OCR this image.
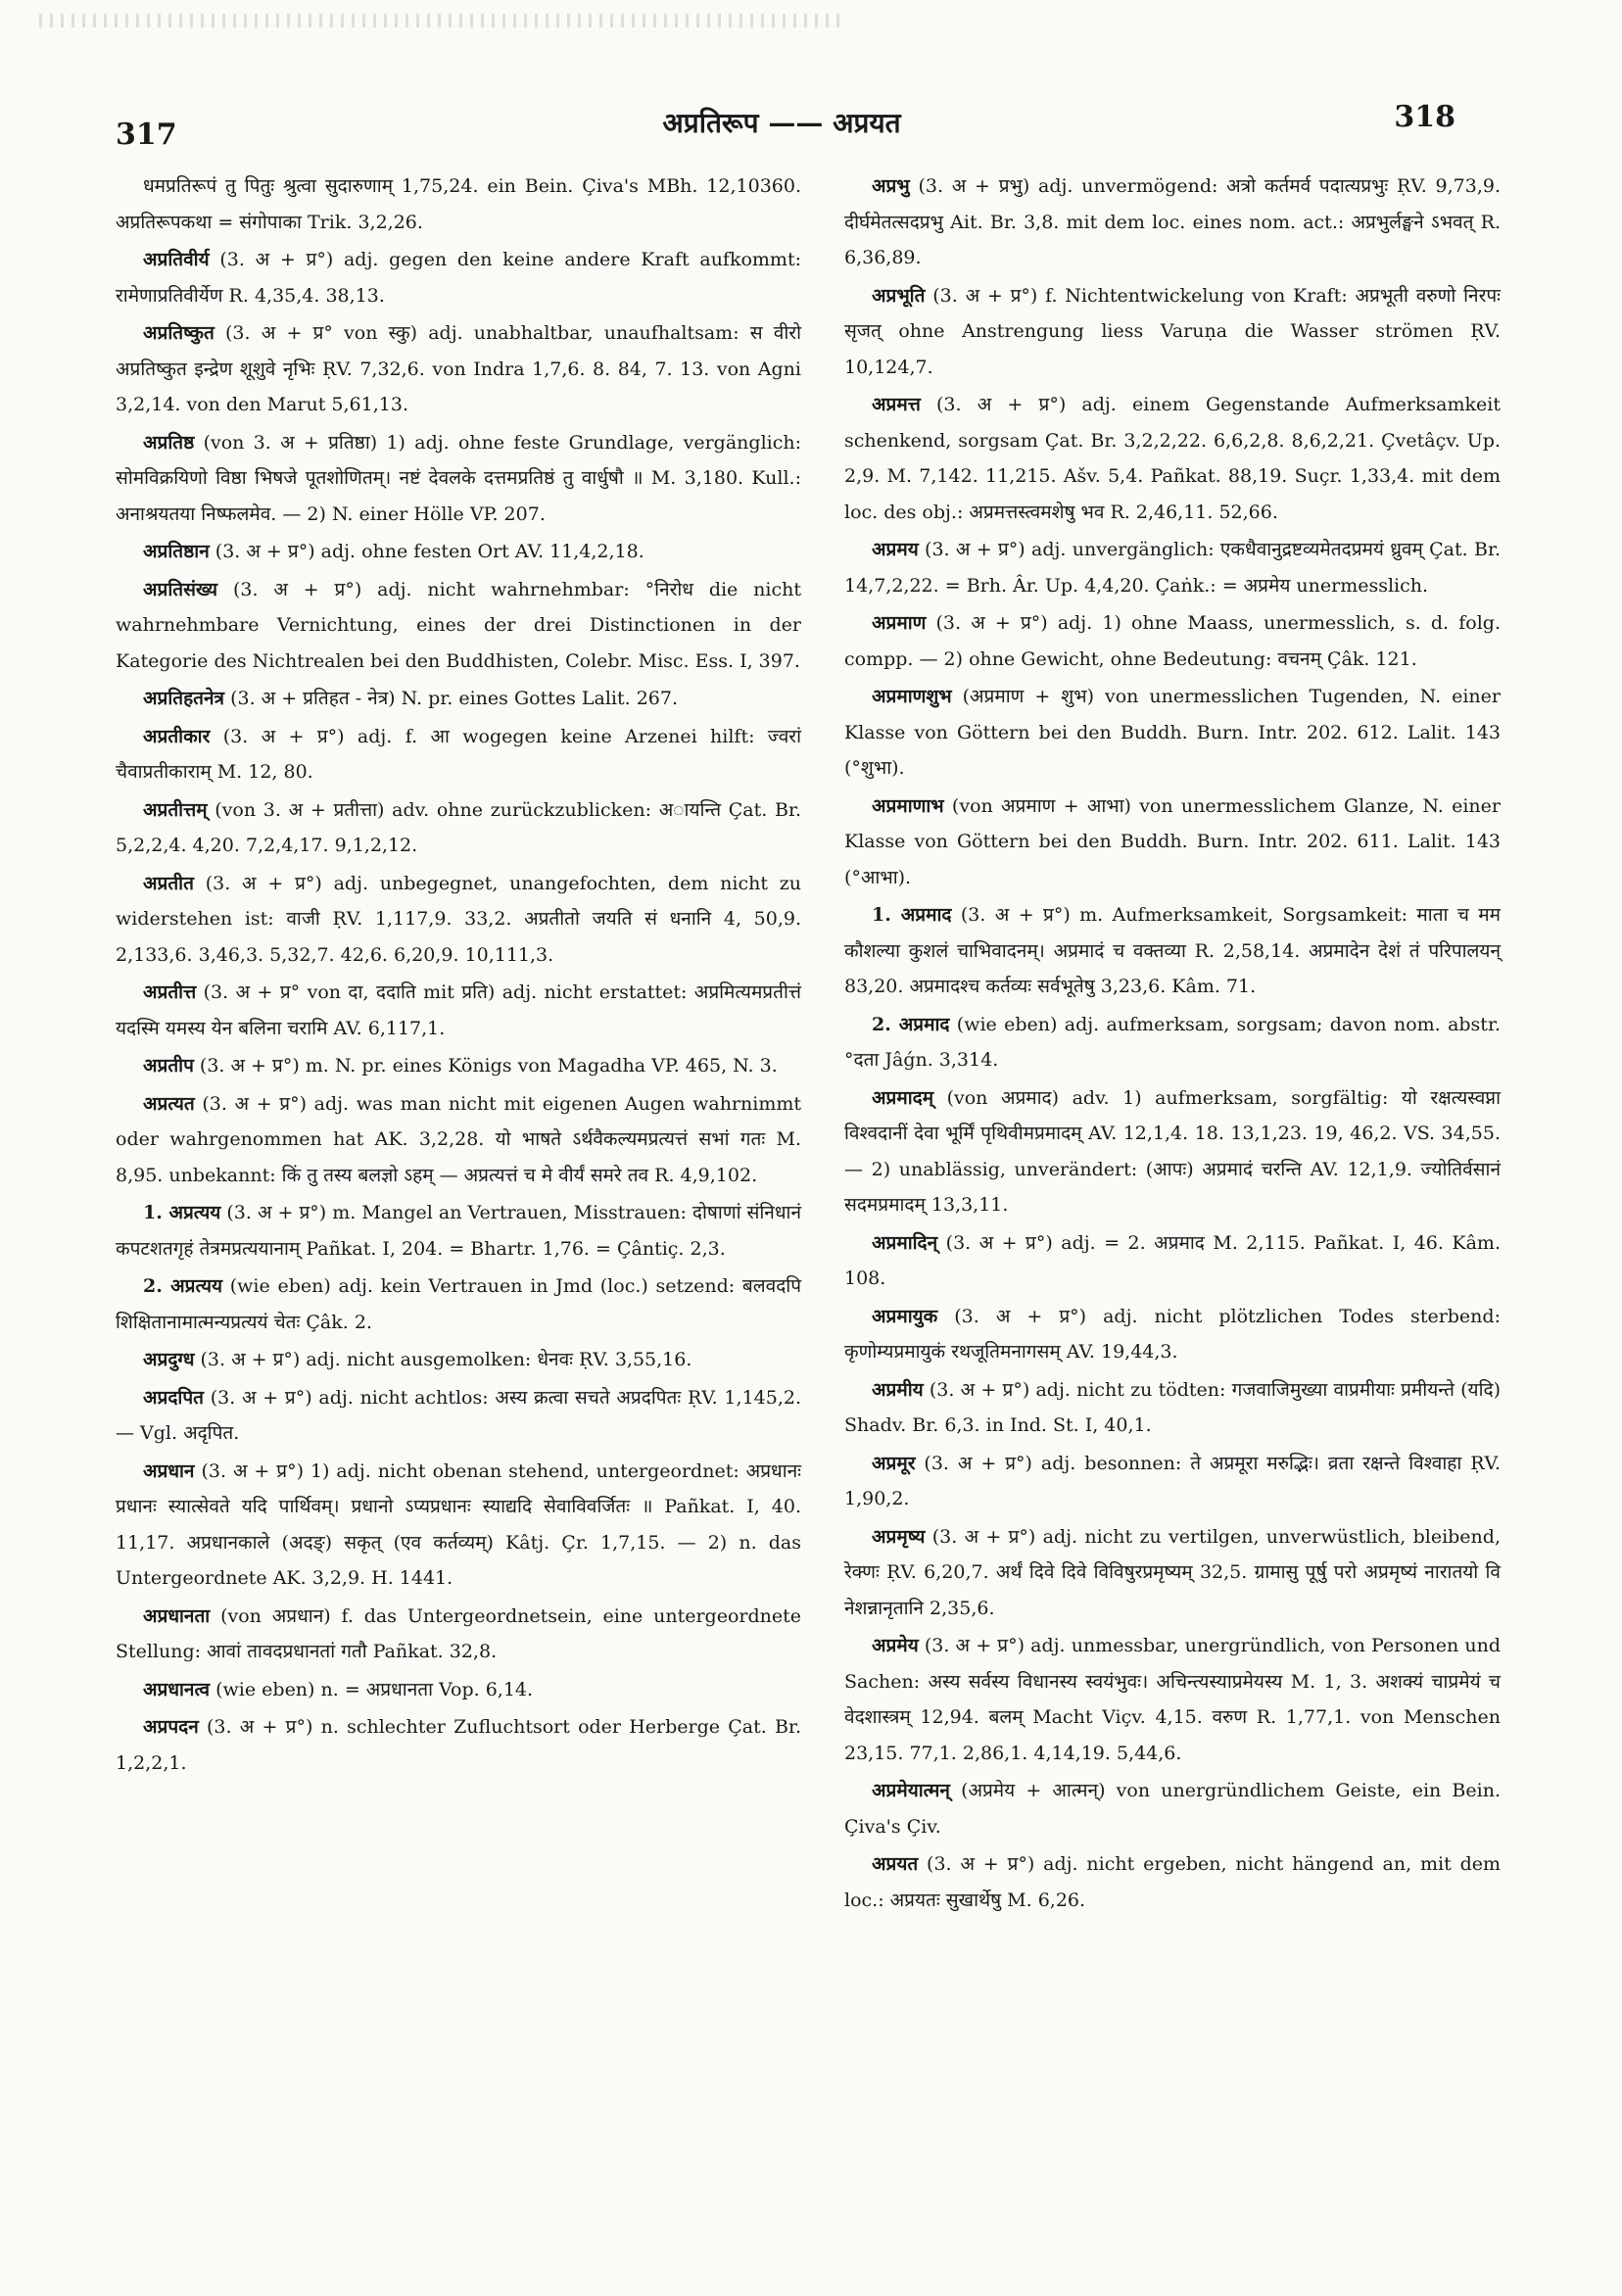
317	अप्रतिरूप —— अप्रयत	318

धमप्रतिरूपं तु पितुः श्रुत्वा सुदारुणाम् 1,75,24. ein Bein. Çiva's MBh. 12,10360. अप्रतिरूपकथा = संगोपाका Trik. 3,2,26.

अप्रतिवीर्य (3. अ + प्र°) adj. gegen den keine andere Kraft aufkommt: रामेणाप्रतिवीर्येण R. 4,35,4. 38,13.

अप्रतिष्कुत (3. अ + प्र° von स्कु) adj. unabhaltbar, unaufhaltsam: स वीरो अप्रतिष्कुत इन्द्रेण शूशुवे नृभिः ṚV. 7,32,6. von Indra 1,7,6. 8. 84, 7. 13. von Agni 3,2,14. von den Marut 5,61,13.

अप्रतिष्ठ (von 3. अ + प्रतिष्ठा) 1) adj. ohne feste Grundlage, vergänglich: सोमविक्रयिणो विष्ठा भिषजे पूतशोणितम्। नष्टं देवलके दत्तमप्रतिष्ठं तु वार्धुषौ ॥ M. 3,180. Kull.: अनाश्रयतया निष्फलमेव. — 2) N. einer Hölle VP. 207.

अप्रतिष्ठान (3. अ + प्र°) adj. ohne festen Ort AV. 11,4,2,18.

अप्रतिसंख्य (3. अ + प्र°) adj. nicht wahrnehmbar: °निरोध die nicht wahrnehmbare Vernichtung, eines der drei Distinctionen in der Kategorie des Nichtrealen bei den Buddhisten, Colebr. Misc. Ess. I, 397.

अप्रतिहतनेत्र (3. अ + प्रतिहत - नेत्र) N. pr. eines Gottes Lalit. 267.

अप्रतीकार (3. अ + प्र°) adj. f. आ wogegen keine Arzenei hilft: ज्वरां चैवाप्रतीकाराम् M. 12, 80.

अप्रतीत्तम् (von 3. अ + प्रतीत्ता) adv. ohne zurückzublicken: अायन्ति Çat. Br. 5,2,2,4. 4,20. 7,2,4,17. 9,1,2,12.

अप्रतीत (3. अ + प्र°) adj. unbegegnet, unangefochten, dem nicht zu widerstehen ist: वाजी ṚV. 1,117,9. 33,2. अप्रतीतो जयति सं धनानि 4, 50,9. 2,133,6. 3,46,3. 5,32,7. 42,6. 6,20,9. 10,111,3.

अप्रतीत्त (3. अ + प्र° von दा, ददाति mit प्रति) adj. nicht erstattet: अप्रमित्यमप्रतीत्तं यदस्मि यमस्य येन बलिना चरामि AV. 6,117,1.

अप्रतीप (3. अ + प्र°) m. N. pr. eines Königs von Magadha VP. 465, N. 3.

अप्रत्यत (3. अ + प्र°) adj. was man nicht mit eigenen Augen wahrnimmt oder wahrgenommen hat AK. 3,2,28. यो भाषते ऽर्थवैकल्यमप्रत्यत्तं सभां गतः M. 8,95. unbekannt: किं तु तस्य बलज्ञो ऽहम् — अप्रत्यत्तं च मे वीर्यं समरे तव R. 4,9,102.

1. अप्रत्यय (3. अ + प्र°) m. Mangel an Vertrauen, Misstrauen: दोषाणां संनिधानं कपटशतगृहं तेत्रमप्रत्ययानाम् Pañkat. I, 204. = Bhartr. 1,76. = Çântiç. 2,3.

2. अप्रत्यय (wie eben) adj. kein Vertrauen in Jmd (loc.) setzend: बलवदपि शिक्षितानामात्मन्यप्रत्ययं चेतः Çâk. 2.

अप्रदुग्ध (3. अ + प्र°) adj. nicht ausgemolken: धेनवः ṚV. 3,55,16.

अप्रदपित (3. अ + प्र°) adj. nicht achtlos: अस्य क्रत्वा सचते अप्रदपितः ṚV. 1,145,2. — Vgl. अदृपित.

अप्रधान (3. अ + प्र°) 1) adj. nicht obenan stehend, untergeordnet: अप्रधानः प्रधानः स्यात्सेवते यदि पार्थिवम्। प्रधानो ऽप्यप्रधानः स्याद्यदि सेवाविवर्जितः ॥ Pañkat. I, 40. 11,17. अप्रधानकाले (अदङ्) सकृत् (एव कर्तव्यम्) Kâtj. Çr. 1,7,15. — 2) n. das Untergeordnete AK. 3,2,9. H. 1441.

अप्रधानता (von अप्रधान) f. das Untergeordnetsein, eine untergeordnete Stellung: आवां तावदप्रधानतां गतौ Pañkat. 32,8.

अप्रधानत्व (wie eben) n. = अप्रधानता Vop. 6,14.

अप्रपदन (3. अ + प्र°) n. schlechter Zufluchtsort oder Herberge Çat. Br. 1,2,2,1.

अप्रभु (3. अ + प्रभु) adj. unvermögend: अत्रो कर्तमर्व पदात्यप्रभुः ṚV. 9,73,9. दीर्घमेतत्सदप्रभु Ait. Br. 3,8. mit dem loc. eines nom. act.: अप्रभुर्लङ्घने ऽभवत् R. 6,36,89.

अप्रभूति (3. अ + प्र°) f. Nichtentwickelung von Kraft: अप्रभूती वरुणो निरपः सृजत् ohne Anstrengung liess Varuṇa die Wasser strömen ṚV. 10,124,7.

अप्रमत्त (3. अ + प्र°) adj. einem Gegenstande Aufmerksamkeit schenkend, sorgsam Çat. Br. 3,2,2,22. 6,6,2,8. 8,6,2,21. Çvetâçv. Up. 2,9. M. 7,142. 11,215. Ašv. 5,4. Pañkat. 88,19. Suçr. 1,33,4. mit dem loc. des obj.: अप्रमत्तस्त्वमशेषु भव R. 2,46,11. 52,66.

अप्रमय (3. अ + प्र°) adj. unvergänglich: एकधैवानुद्रष्टव्यमेतदप्रमयं ध्रुवम् Çat. Br. 14,7,2,22. = Brh. Âr. Up. 4,4,20. Çaṅk.: = अप्रमेय unermesslich.

अप्रमाण (3. अ + प्र°) adj. 1) ohne Maass, unermesslich, s. d. folg. compp. — 2) ohne Gewicht, ohne Bedeutung: वचनम् Çâk. 121.

अप्रमाणशुभ (अप्रमाण + शुभ) von unermesslichen Tugenden, N. einer Klasse von Göttern bei den Buddh. Burn. Intr. 202. 612. Lalit. 143 (°शुभा).

अप्रमाणाभ (von अप्रमाण + आभा) von unermesslichem Glanze, N. einer Klasse von Göttern bei den Buddh. Burn. Intr. 202. 611. Lalit. 143 (°आभा).

1. अप्रमाद (3. अ + प्र°) m. Aufmerksamkeit, Sorgsamkeit: माता च मम कौशल्या कुशलं चाभिवादनम्। अप्रमादं च वक्तव्या R. 2,58,14. अप्रमादेन देशं तं परिपालयन् 83,20. अप्रमादश्च कर्तव्यः सर्वभूतेषु 3,23,6. Kâm. 71.

2. अप्रमाद (wie eben) adj. aufmerksam, sorgsam; davon nom. abstr. °दता Jâǵn. 3,314.

अप्रमादम् (von अप्रमाद) adv. 1) aufmerksam, sorgfältig: यो रक्षत्यस्वप्ना विश्वदानीं देवा भूर्मिं पृथिवीमप्रमादम् AV. 12,1,4. 18. 13,1,23. 19, 46,2. VS. 34,55. — 2) unablässig, unverändert: (आपः) अप्रमादं चरन्ति AV. 12,1,9. ज्योतिर्वसानं सदमप्रमादम् 13,3,11.

अप्रमादिन् (3. अ + प्र°) adj. = 2. अप्रमाद M. 2,115. Pañkat. I, 46. Kâm. 108.

अप्रमायुक (3. अ + प्र°) adj. nicht plötzlichen Todes sterbend: कृणोम्यप्रमायुकं रथजूतिमनागसम् AV. 19,44,3.

अप्रमीय (3. अ + प्र°) adj. nicht zu tödten: गजवाजिमुख्या वाप्रमीयाः प्रमीयन्ते (यदि) Shadv. Br. 6,3. in Ind. St. I, 40,1.

अप्रमूर (3. अ + प्र°) adj. besonnen: ते अप्रमूरा मरुद्भिः। व्रता रक्षन्ते विश्वाहा ṚV. 1,90,2.

अप्रमृष्य (3. अ + प्र°) adj. nicht zu vertilgen, unverwüstlich, bleibend, रेक्णः ṚV. 6,20,7. अर्थं दिवे दिवे विविषुरप्रमृष्यम् 32,5. ग्रामासु पूर्षु परो अप्रमृष्यं नारातयो वि नेशन्नानृतानि 2,35,6.

अप्रमेय (3. अ + प्र°) adj. unmessbar, unergründlich, von Personen und Sachen: अस्य सर्वस्य विधानस्य स्वयंभुवः। अचिन्त्यस्याप्रमेयस्य M. 1, 3. अशक्यं चाप्रमेयं च वेदशास्त्रम् 12,94. बलम् Macht Viçv. 4,15. वरुण R. 1,77,1. von Menschen 23,15. 77,1. 2,86,1. 4,14,19. 5,44,6.

अप्रमेयात्मन् (अप्रमेय + आत्मन्) von unergründlichem Geiste, ein Bein. Çiva's Çiv.

अप्रयत (3. अ + प्र°) adj. nicht ergeben, nicht hängend an, mit dem loc.: अप्रयतः सुखार्थेषु M. 6,26.
